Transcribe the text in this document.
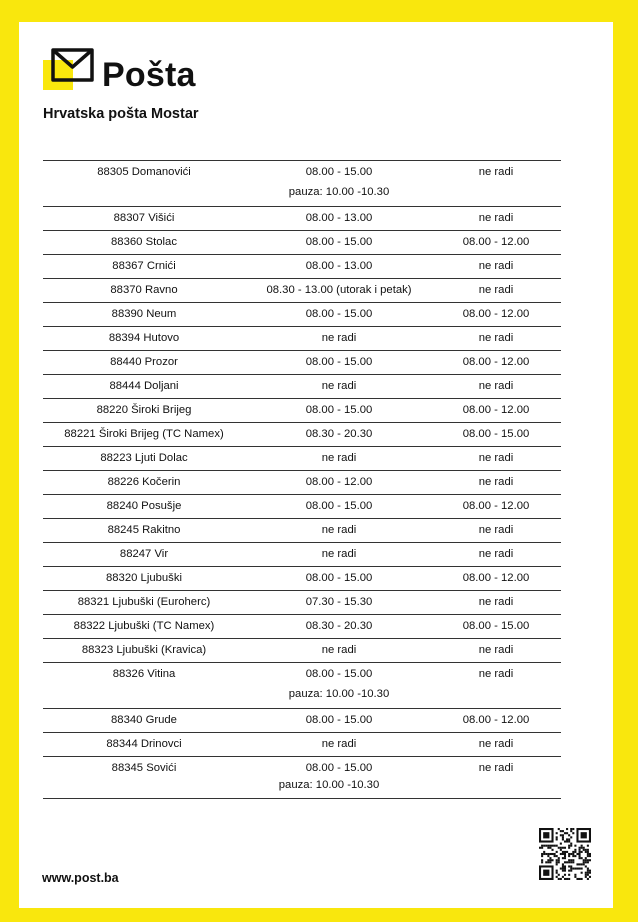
Pošta
Hrvatska pošta Mostar
88305 Domanovići	08.00 - 15.00	ne radi
pauza: 10.00 -10.30
88307 Višići	08.00 - 13.00	ne radi
88360 Stolac	08.00 - 15.00	08.00 - 12.00
88367 Crnići	08.00 - 13.00	ne radi
88370 Ravno	08.30 - 13.00 (utorak i petak)	ne radi
88390 Neum	08.00 - 15.00	08.00 - 12.00
88394 Hutovo	ne radi	ne radi
88440 Prozor	08.00 - 15.00	08.00 - 12.00
88444 Doljani	ne radi	ne radi
88220 Široki Brijeg	08.00 - 15.00	08.00 - 12.00
88221 Široki Brijeg (TC Namex)	08.30 - 20.30	08.00 - 15.00
88223 Ljuti Dolac	ne radi	ne radi
88226 Kočerin	08.00 - 12.00	ne radi
88240 Posušje	08.00 - 15.00	08.00 - 12.00
88245 Rakitno	ne radi	ne radi
88247 Vir	ne radi	ne radi
88320 Ljubuški	08.00 - 15.00	08.00 - 12.00
88321 Ljubuški (Euroherc)	07.30 - 15.30	ne radi
88322 Ljubuški (TC Namex)	08.30 - 20.30	08.00 - 15.00
88323 Ljubuški (Kravica)	ne radi	ne radi
88326 Vitina	08.00 - 15.00	ne radi
pauza: 10.00 -10.30
88340 Grude	08.00 - 15.00	08.00 - 12.00
88344 Drinovci	ne radi	ne radi
88345 Sovići	08.00 - 15.00	ne radi
pauza: 10.00 -10.30
www.post.ba
